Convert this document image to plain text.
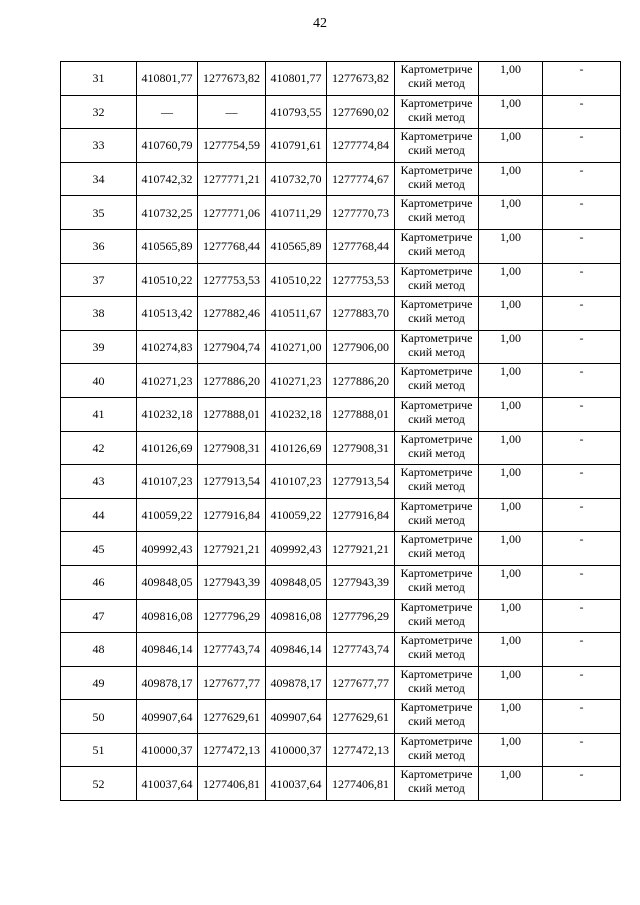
42
31	410801,77	1277673,82	410801,77	1277673,82	Картометриче
ский метод	1,00	-
32	—	—	410793,55	1277690,02	Картометриче
ский метод	1,00	-
33	410760,79	1277754,59	410791,61	1277774,84	Картометриче
ский метод	1,00	-
34	410742,32	1277771,21	410732,70	1277774,67	Картометриче
ский метод	1,00	-
35	410732,25	1277771,06	410711,29	1277770,73	Картометриче
ский метод	1,00	-
36	410565,89	1277768,44	410565,89	1277768,44	Картометриче
ский метод	1,00	-
37	410510,22	1277753,53	410510,22	1277753,53	Картометриче
ский метод	1,00	-
38	410513,42	1277882,46	410511,67	1277883,70	Картометриче
ский метод	1,00	-
39	410274,83	1277904,74	410271,00	1277906,00	Картометриче
ский метод	1,00	-
40	410271,23	1277886,20	410271,23	1277886,20	Картометриче
ский метод	1,00	-
41	410232,18	1277888,01	410232,18	1277888,01	Картометриче
ский метод	1,00	-
42	410126,69	1277908,31	410126,69	1277908,31	Картометриче
ский метод	1,00	-
43	410107,23	1277913,54	410107,23	1277913,54	Картометриче
ский метод	1,00	-
44	410059,22	1277916,84	410059,22	1277916,84	Картометриче
ский метод	1,00	-
45	409992,43	1277921,21	409992,43	1277921,21	Картометриче
ский метод	1,00	-
46	409848,05	1277943,39	409848,05	1277943,39	Картометриче
ский метод	1,00	-
47	409816,08	1277796,29	409816,08	1277796,29	Картометриче
ский метод	1,00	-
48	409846,14	1277743,74	409846,14	1277743,74	Картометриче
ский метод	1,00	-
49	409878,17	1277677,77	409878,17	1277677,77	Картометриче
ский метод	1,00	-
50	409907,64	1277629,61	409907,64	1277629,61	Картометриче
ский метод	1,00	-
51	410000,37	1277472,13	410000,37	1277472,13	Картометриче
ский метод	1,00	-
52	410037,64	1277406,81	410037,64	1277406,81	Картометриче
ский метод	1,00	-
